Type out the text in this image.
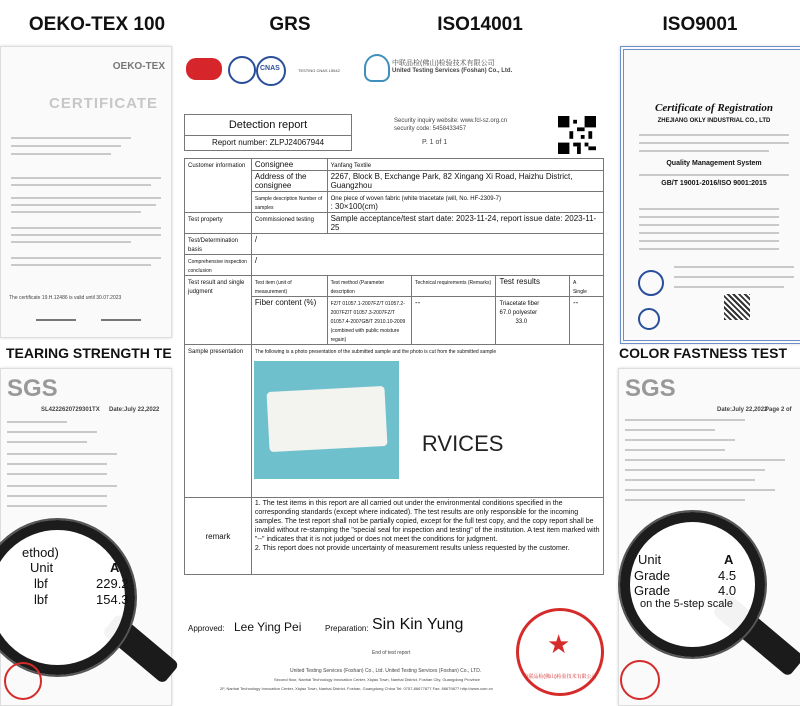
OEKO-TEX 100	GRS	ISO14001	ISO9001
OEKO-TEX
CERTIFICATE
The certificate 19.H.12486 is valid until 30.07.2023
TEARING STRENGTH TE
SGS
SL4222620729301TX Date:July 22,2022
ethod)
Unit	A
lbf	229.2
lbf	154.3
CNAS	TESTING CNAS L5542
中联品检(佛山)检验技术有限公司
United Testing Services (Foshan) Co., Ltd.
Detection report
Report number: ZLPJ24067944
Security inquiry website: www.fcl-sz.org.cn
security code: 5458433457
P. 1 of 1
Customer information	Consignee	Yanfang Textile			
	Address of the consignee	2267, Block B, Exchange Park, 82 Xingang Xi Road, Haizhu District, Guangzhou			
	Sample description Number of samples	One piece of woven fabric (white triacetate (will, No. HF-2309-7)
: 30×100(cm)			
Test property	Commissioned testing	Sample acceptance/test start date: 2023-11-24, report issue date: 2023-11-25			
Test/Determination basis	/				
Comprehensive inspection conclusion	/				
Test result and single judgment	Test item (unit of measurement)	Test method (Parameter description	Technical requirements (Remarks)	Test results	A
Single
	Fiber content (%)	FZ/T 01057.1-2007FZ/T 01057.2-2007FZ/T 01057.3-2007FZ/T 01057.4-2007GB/T 2910.10-2009 (combined with public moisture regain)	--	Triacetate fiber
67.0 polyester
33.0	--
Sample presentation	The following is a photo presentation of the submitted sample and the photo is cut from the submitted sample
RVICES				

remark	1. The test items in this report are all carried out under the environmental conditions specified in the corresponding standards (except where indicated). The test results are only responsible for the incoming samples. The test report shall not be partially copied, except for the full test copy, and the copy report shall be invalid without re-stamping the "special seal for inspection and testing" of the institution. A test item marked with "--" indicates that it is not judged or does not meet the conditions for judgment.
2. This report does not provide uncertainty of measurement results unless requested by the customer.				
Approved: Lee Ying Pei	Preparation: Sin Kin Yung
End of test report
United Testing Services (Foshan) Co., Ltd. United Testing Services (Foshan) Co., LTD.
Second floor, Nanhai Technology Innovation Center, Xiqiao Town, Nanhai District, Foshan City, Guangdong Province
2F, Nanhai Technology Innovation Center, Xiqiao Town, Nanhai District, Foshan, Guangdong China Tel: 0757-86677877 Fax: 86679877 http://www.com.cn
★
中联品检(佛山)检验技术有限公司
Certificate of Registration
ZHEJIANG OKLY INDUSTRIAL CO., LTD
Quality Management System
GB/T 19001-2016/ISO 9001:2015
COLOR FASTNESS TEST
SGS
Date:July 22,2022
Page 2 of
Unit	A
Grade	4.5
Grade	4.0
on the 5-step scale
